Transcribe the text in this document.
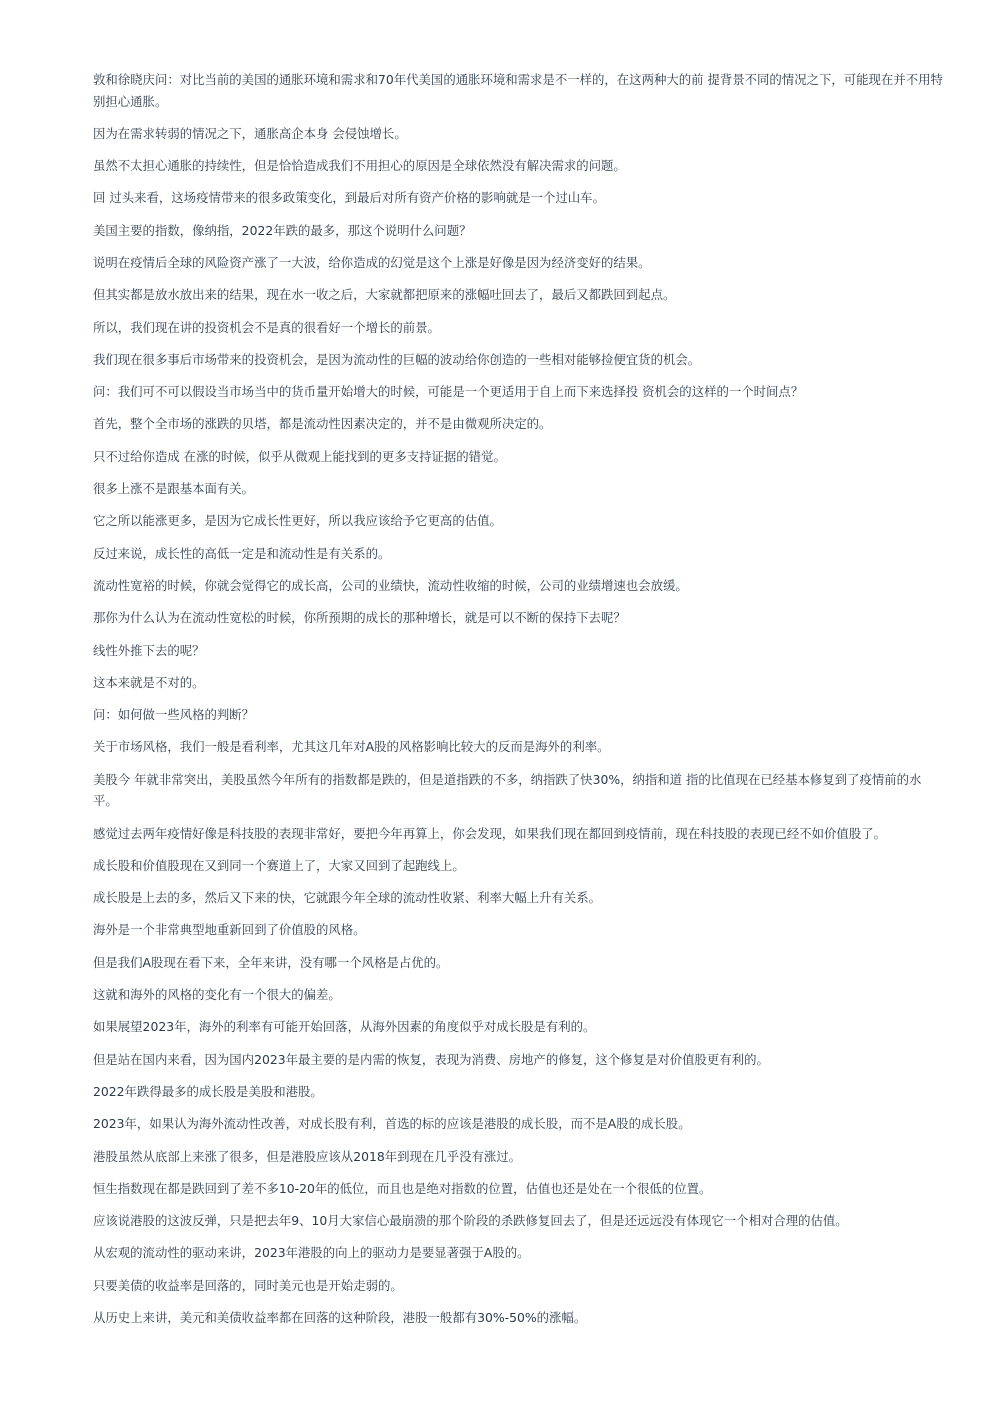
敦和徐晓庆问：对比当前的美国的通胀环境和需求和70年代美国的通胀环境和需求是不一样的，在这两种大的前 提背景不同的情况之下，可能现在并不用特别担心通胀。

因为在需求转弱的情况之下，通胀高企本身 会侵蚀增长。

虽然不太担心通胀的持续性，但是恰恰造成我们不用担心的原因是全球依然没有解决需求的问题。

回 过头来看，这场疫情带来的很多政策变化，到最后对所有资产价格的影响就是一个过山车。

美国主要的指数，像纳指，2022年跌的最多，那这个说明什么问题？

说明在疫情后全球的风险资产涨了一大波，给你造成的幻觉是这个上涨是好像是因为经济变好的结果。

但其实都是放水放出来的结果，现在水一收之后，大家就都把原来的涨幅吐回去了，最后又都跌回到起点。

所以，我们现在讲的投资机会不是真的很看好一个增长的前景。

我们现在很多事后市场带来的投资机会，是因为流动性的巨幅的波动给你创造的一些相对能够捡便宜货的机会。

问：我们可不可以假设当市场当中的货币量开始增大的时候，可能是一个更适用于自上而下来选择投 资机会的这样的一个时间点？

首先，整个全市场的涨跌的贝塔，都是流动性因素决定的，并不是由微观所决定的。

只不过给你造成 在涨的时候，似乎从微观上能找到的更多支持证据的错觉。

很多上涨不是跟基本面有关。

它之所以能涨更多，是因为它成长性更好，所以我应该给予它更高的估值。

反过来说，成长性的高低一定是和流动性是有关系的。

流动性宽裕的时候，你就会觉得它的成长高，公司的业绩快，流动性收缩的时候，公司的业绩增速也会放缓。

那你为什么认为在流动性宽松的时候，你所预期的成长的那种增长，就是可以不断的保持下去呢？

线性外推下去的呢？

这本来就是不对的。

问：如何做一些风格的判断？

关于市场风格，我们一般是看利率，尤其这几年对A股的风格影响比较大的反而是海外的利率。

美股今 年就非常突出，美股虽然今年所有的指数都是跌的，但是道指跌的不多，纳指跌了快30%，纳指和道 指的比值现在已经基本修复到了疫情前的水平。

感觉过去两年疫情好像是科技股的表现非常好，要把今年再算上，你会发现，如果我们现在都回到疫情前，现在科技股的表现已经不如价值股了。

成长股和价值股现在又到同一个赛道上了，大家又回到了起跑线上。

成长股是上去的多，然后又下来的快，它就跟今年全球的流动性收紧、利率大幅上升有关系。

海外是一个非常典型地重新回到了价值股的风格。

但是我们A股现在看下来，全年来讲，没有哪一个风格是占优的。

这就和海外的风格的变化有一个很大的偏差。

如果展望2023年，海外的利率有可能开始回落，从海外因素的角度似乎对成长股是有利的。

但是站在国内来看，因为国内2023年最主要的是内需的恢复，表现为消费、房地产的修复，这个修复是对价值股更有利的。

2022年跌得最多的成长股是美股和港股。

2023年，如果认为海外流动性改善，对成长股有利，首选的标的应该是港股的成长股，而不是A股的成长股。

港股虽然从底部上来涨了很多，但是港股应该从2018年到现在几乎没有涨过。

恒生指数现在都是跌回到了差不多10-20年的低位，而且也是绝对指数的位置，估值也还是处在一个很低的位置。

应该说港股的这波反弹，只是把去年9、10月大家信心最崩溃的那个阶段的杀跌修复回去了，但是还远远没有体现它一个相对合理的估值。

从宏观的流动性的驱动来讲，2023年港股的向上的驱动力是要显著强于A股的。

只要美债的收益率是回落的，同时美元也是开始走弱的。

从历史上来讲，美元和美债收益率都在回落的这种阶段，港股一般都有30%-50%的涨幅。
